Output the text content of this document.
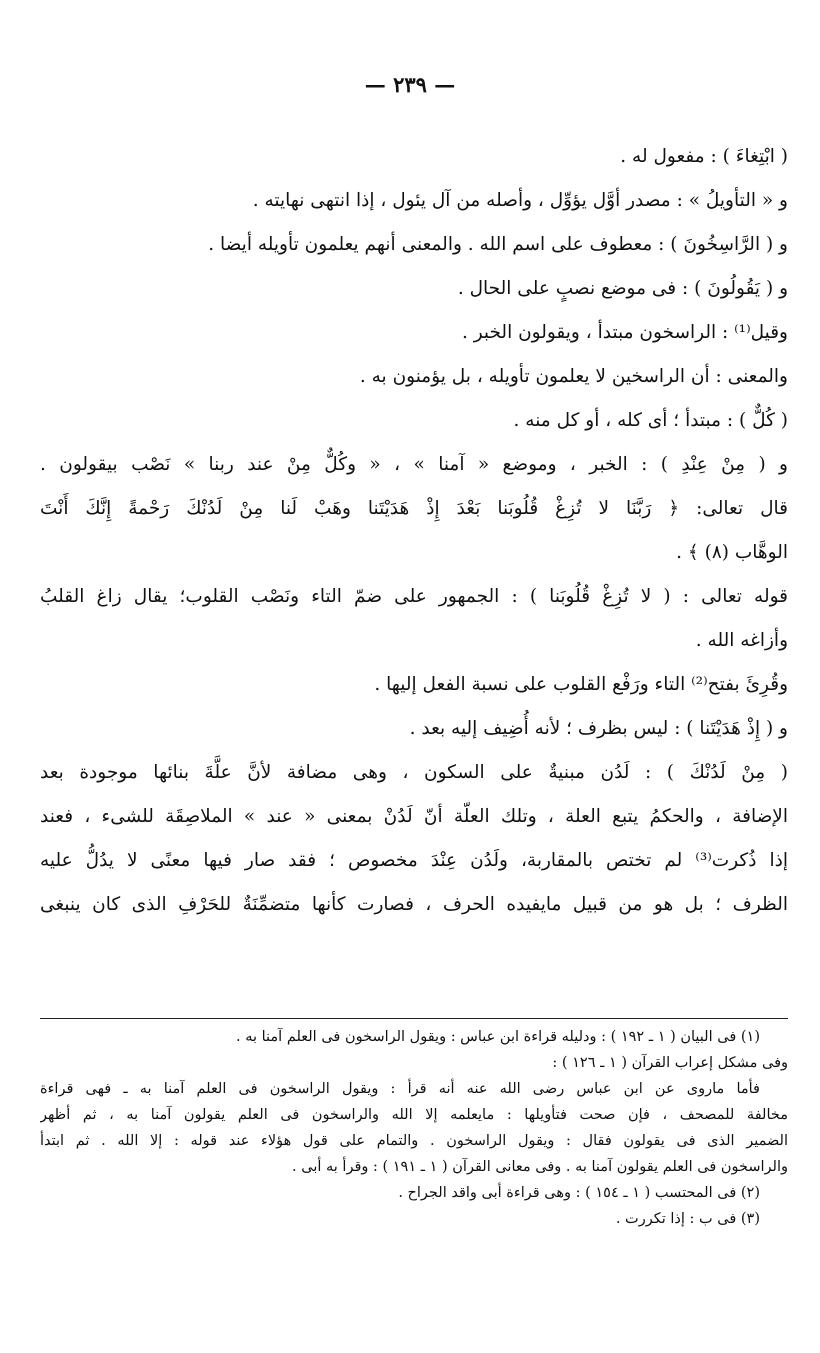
— ٢٣٩ —
( ابْتِغاءَ ) : مفعول له .
و « التأويلُ » : مصدر أوَّل يؤوِّل ، وأصله من آل يئول ، إذا انتهى نهايته .
و ( الرَّاسِخُونَ ) : معطوف على اسم الله . والمعنى أنهم يعلمون تأويله أيضا .
و ( يَقُولُونَ ) : فى موضع نصبٍ على الحال .
وقيل⁽¹⁾ : الراسخون مبتدأ ، ويقولون الخبر .
والمعنى : أن الراسخين لا يعلمون تأويله ، بل يؤمنون به .
( كُلٌّ ) : مبتدأ ؛ أى كله ، أو كل منه .
و ( مِنْ عِنْدِ ) : الخبر ، وموضع « آمنا » ، « وكُلٌّ مِنْ عند ربنا » نَصْب بيقولون .
قال تعالى: ﴿ رَبَّنَا لا تُزِغْ قُلُوبَنا بَعْدَ إِذْ هَدَيْتَنا وهَبْ لَنا مِنْ لَدُنْكَ رَحْمةً إِنَّكَ أَنْتَ
الوهَّاب (٨) ﴾ .
قوله تعالى : ( لا تُزِغْ قُلُوبَنا ) : الجمهور على ضمّ التاء ونَصْب القلوب؛ يقال زاغ القلبُ
وأزاغه الله .
وقُرِئَ بفتح⁽²⁾ التاء ورَفْع القلوب على نسبة الفعل إليها .
و ( إِذْ هَدَيْتَنا ) : ليس بظرف ؛ لأنه أُضِيف إليه بعد .
( مِنْ لَدُنْكَ ) : لَدُن مبنيةٌ على السكون ، وهى مضافة لأنَّ علَّةَ بنائها موجودة بعد
الإضافة ، والحكمُ يتبع العلة ، وتلك العلّة أنّ لَدُنْ بمعنى « عند » الملاصِقَة للشىء ، فعند
إذا ذُكرت⁽³⁾ لم تختص بالمقاربة، ولَدُن عِنْدَ مخصوص ؛ فقد صار فيها معنًى لا يدُلُّ عليه
الظرف ؛ بل هو من قبيل مايفيده الحرف ، فصارت كأنها متضمِّنَةٌ للحَرْفِ الذى كان ينبغى
(١) فى البيان ( ١ ـ ١٩٢ ) : ودليله قراءة ابن عباس : ويقول الراسخون فى العلم آمنا به .
وفى مشكل إعراب القرآن ( ١ ـ ١٢٦ ) :
فأما ماروى عن ابن عباس رضى الله عنه أنه قرأ : ويقول الراسخون فى العلم آمنا به ـ فهى قراءة
مخالفة للمصحف ، فإن صحت فتأويلها : مايعلمه إلا الله والراسخون فى العلم يقولون آمنا به ، ثم أظهر
الضمير الذى فى يقولون فقال : ويقول الراسخون . والتمام على قول هؤلاء عند قوله : إلا الله . ثم ابتدأ
والراسخون فى العلم يقولون آمنا به . وفى معانى القرآن ( ١ ـ ١٩١ ) : وقرأ به أبى .
(٢) فى المحتسب ( ١ ـ ١٥٤ ) : وهى قراءة أبى واقد الجراح .
(٣) فى ب : إذا تكررت .
